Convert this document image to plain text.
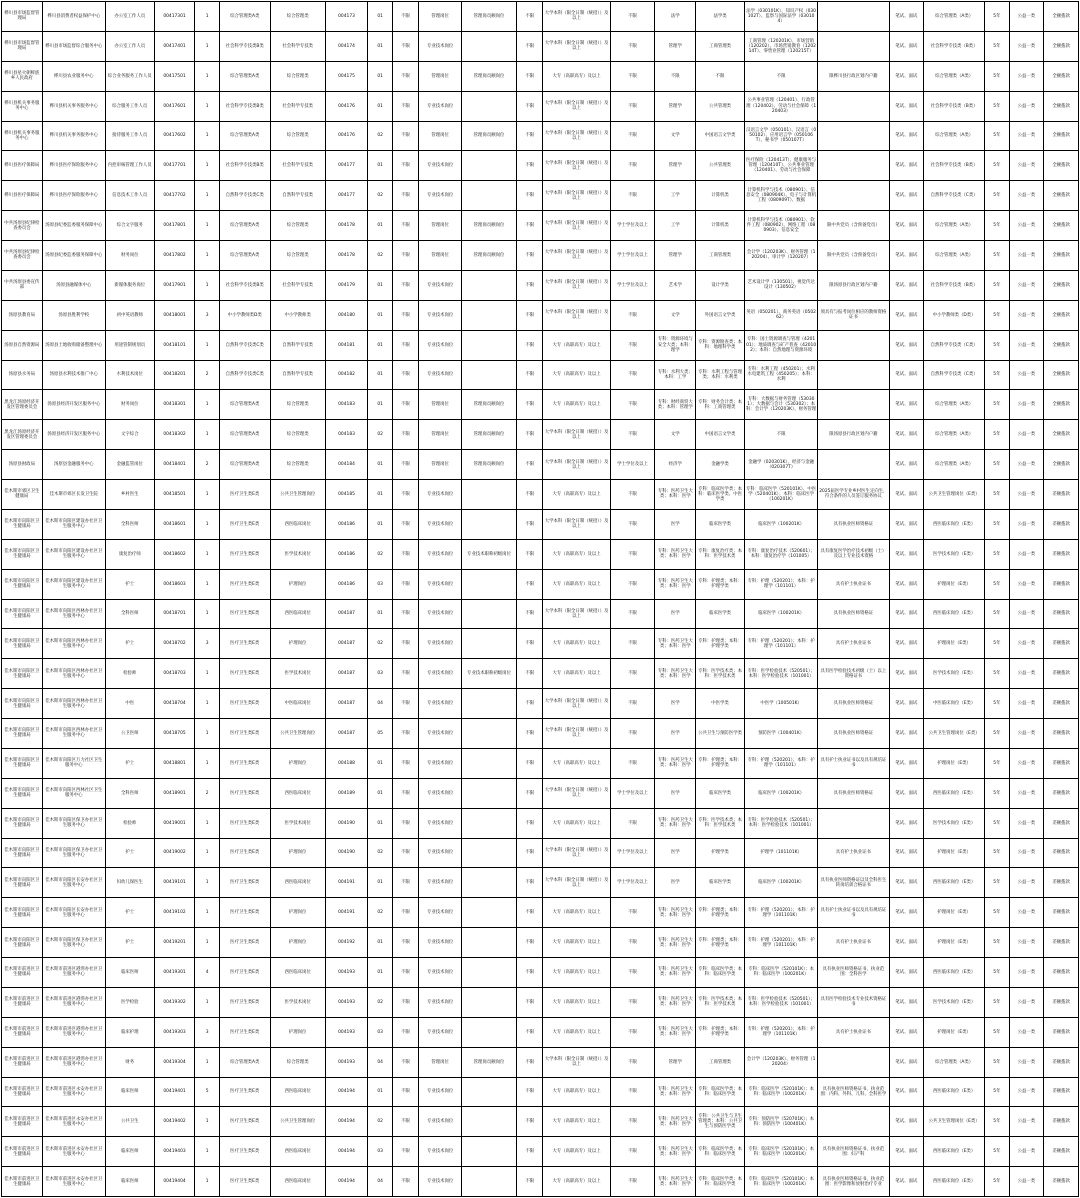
桦川县市场监督管理局	桦川县消费者权益保护中心	办公室工作人员	00417301	1	综合管理类A类	综合管理类	004173	01	不限	管理岗位	管理岗员额岗位	不限	大学本科（限全日制（统招））及以上	不限	法学	法学类	法学（030101K）、知识产权（030102T）、监察与国际法学（030104）		笔试、面试	综合管理类（A类）	5年	公益一类	全额拨款
桦川县市场监督管理局	桦川县市场监督综合服务中心	办公室工作人员	00417401	1	社会科学专技类B类	社会科学专技类	004174	01	不限	专业技术岗位		不限	大学本科（限全日制（统招））及以上	不限	管理学	工商管理类	工商管理（120201K）、市场营销（120202）、市场营销教育（120214T）、零售业管理（120215T）		笔试、面试	社会科学专技类（B类）	5年	公益一类	全额拨款
桦川县星火朝鲜族乡人民政府	桦川县农业服务中心	综合业务服务工作人员	00417501	1	综合管理类A类	综合管理类	004175	01	不限	管理岗位	管理岗员额岗位	不限	大专（高职高专）及以上	不限	不限	不限	不限	限桦川县行政区划内户籍	笔试、面试	综合管理类（A类）	5年	公益一类	全额拨款
桦川县机关事务服务中心	桦川县机关事务服务中心	综合服务工作人员	00417601	1	社会科学专技类B类	社会科学专技类	004176	01	不限	专业技术岗位		不限	大学本科（限全日制（统招））及以上	不限	管理学	公共管理类	公共事业管理（120401）、行政管理（120402）、劳动与社会保障（120403）		笔试、面试	社会科学专技类（B类）	5年	公益一类	全额拨款
桦川县机关事务服务中心	桦川县机关事务服务中心	接待服务工作人员	00417602	1	综合管理类A类	综合管理类	004176	02	不限	管理岗位	管理岗员额岗位	不限	大学本科（限全日制（统招））及以上	不限	文学	中国语言文学类	汉语言文学（050101）、汉语言（050102）、应用语言学（050106T）、秘书学（050107T）		笔试、面试	综合管理类（A类）	5年	公益一类	全额拨款
桦川县医疗保障局	桦川县医疗保险服务中心	内控审核管理工作人员	00417701	1	社会科学专技类B类	社会科学专技类	004177	01	不限	专业技术岗位		不限	大学本科（限全日制（统招））及以上	不限	管理学	公共管理类	医疗保险（120413T）、健康服务与管理（120410T）、公共事业管理（120401）、劳动与社会保障		笔试、面试	社会科学专技类（B类）	5年	公益一类	全额拨款
桦川县医疗保障局	桦川县医疗保险服务中心	信息技术工作人员	00417702	1	自然科学专技类C类	自然科学专技类	004177	02	不限	专业技术岗位		不限	大学本科（限全日制（统招））及以上	不限	工学	计算机类	计算机科学与技术（080901）、信息安全（080904K）、电子与计算机工程（080909T）、数据		笔试、面试	自然科学专技类（C类）	5年	公益一类	全额拨款
中共汤原县纪律检查委员会	汤原县纪委监委服务保障中心	综合文字服务	00417801	1	综合管理类A类	综合管理类	004178	01	不限	管理岗位	管理岗员额岗位	不限	大学本科（限全日制（统招））及以上	学士学位及以上	工学	计算机类	计算机科学与技术（080901）、软件工程（080902）、网络工程（080903）、信息安全	限中共党员（含预备党员）	笔试、面试	综合管理类（A类）	5年	公益一类	全额拨款
中共汤原县纪律检查委员会	汤原县纪委监委服务保障中心	财务岗位	00417802	1	综合管理类A类	综合管理类	004178	02	不限	管理岗位	管理岗员额岗位	不限	大学本科（限全日制（统招））及以上	学士学位及以上	管理学	工商管理类	会计学（120203K）、财务管理（120204）、审计学（120207）	限中共党员（含预备党员）	笔试、面试	综合管理类（A类）	5年	公益一类	全额拨款
中共汤原县委宣传部	汤原县融媒体中心	新媒体服务岗位	00417901	1	社会科学专技类B类	社会科学专技类	004179	01	不限	专业技术岗位		不限	大学本科（限全日制（统招））及以上	学士学位及以上	艺术学	设计学类	艺术设计学（130501）、视觉传达设计（130502）	限汤原县行政区划内户籍	笔试、面试	社会科学专技类（B类）	5年	公益一类	全额拨款
汤原县教育局	汤原县胜利学校	初中英语教师	00418001	3	中小学教师类D类	中小学教师类	004180	01	不限	专业技术岗位		不限	大学本科（限全日制（统招））及以上	不限	文学	外国语言文学类	英语（050201）、商务英语（050262）	须具有与报考岗位相应的教师资格证书	笔试、面试	中小学教师类（D类）	5年	公益一类	全额拨款
汤原县自然资源局	汤原县土地收购储备整理中心	用途管制规划员	00418101	1	自然科学专技类C类	自然科学专技类	004181	01	不限	专业技术岗位		不限	大专（高职高专）及以上	不限	专科：资源环境与安全大类；本科：理学	专科：资源勘查类；本科：地理科学类	专科：国土资源调查与管理（420101）；地质调查与矿产普查（420102）；本科：自然地理与资源环境		笔试、面试	自然科学专技类（C类）	5年	公益一类	全额拨款
汤原县水务局	汤原县水利技术推广中心	水利技术岗位	00418201	2	自然科学专技类C类	自然科学专技类	004182	01	不限	专业技术岗位		不限	大专（高职高专）及以上	不限	专科：水利大类；本科：工学	专科：水利工程与管理类；本科：水利类	专科：水利工程（450201）；水利水电建筑工程（450205）；本科：水利		笔试、面试	自然科学专技类（C类）	5年	公益一类	全额拨款
黑龙江汤原经济开发区管理委员会	汤原县经济开发区服务中心	财务岗位	00418301	1	综合管理类A类	综合管理类	004183	01	不限	管理岗位	管理岗员额岗位	不限	大专（高职高专）及以上	不限	专科：财经商贸大类；本科：管理学	专科：财务会计类；本科：工商管理类	专科：大数据与财务管理（530301）；大数据与会计（530302）；本科：会计学（120203K）、财务管理		笔试、面试	综合管理类（A类）	5年	公益一类	全额拨款
黑龙江汤原经济开发区管理委员会	汤原县经济开发区服务中心	文字综合	00418302	1	综合管理类A类	综合管理类	004183	02	不限	管理岗位	管理岗员额岗位	不限	大学本科（限全日制（统招））及以上	不限	文学	中国语言文学类	不限	限汤原县行政区划内户籍	笔试、面试	综合管理类（A类）	5年	公益一类	全额拨款
汤原县财政局	汤原县金融服务中心	金融监管岗位	00418401	2	综合管理类A类	综合管理类	004184	01	不限	管理岗位	管理岗员额岗位	不限	大学本科（限全日制（统招））及以上	学士学位及以上	经济学	金融学类	金融学（020301K）、经济与金融（020307T）		笔试、面试	综合管理类（A类）	5年	公益一类	全额拨款
佳木斯市郊区卫生健康局	佳木斯市郊区长发卫生院	乡村医生	00418501	1	医疗卫生类E类	公共卫生管理岗位	004185	01	不限	专业技术岗位		不限	大专（高职高专）及以上	不限	专科：医药卫生大类；本科：医学	专科：临床医学类；本科：临床医学类、中医学类	专科：临床医学（520101K）、中医学（520401K）；本科：临床医学（100201K）	2025届医学专业乡村医生定向生，符合条件的人员签订服务协议	笔试、面试	公共卫生管理岗位（E类）	5年	公益一类	差额拨款
佳木斯市向阳区卫生健康局	佳木斯市向阳区建设办社区卫生服务中心	全科医师	00418601	1	医疗卫生类E类	西医临床岗位	004186	01	不限	专业技术岗位		不限	大学本科（限全日制（统招））及以上	不限	医学	临床医学类	临床医学（100201K）	具有执业医师资格证	笔试、面试	西医临床岗位（E类）	5年	公益一类	差额拨款
佳木斯市向阳区卫生健康局	佳木斯市向阳区建设办社区卫生服务中心	康复治疗师	00418602	1	医疗卫生类E类	医学技术岗位	004186	02	不限	专业技术岗位	专业技术职称初级岗位	不限	大专（高职高专）及以上	不限	专科：医药卫生大类；本科：医学	专科：康复治疗类；本科：医学技术类	专科：康复治疗技术（520601）；本科：康复治疗学（101005）	具有康复医学治疗技术初级（士）及以上专业技术资格	笔试、面试	医学技术岗位（E类）	5年	公益一类	差额拨款
佳木斯市向阳区卫生健康局	佳木斯市向阳区建设办社区卫生服务中心	护士	00418603	1	医疗卫生类E类	护理岗位	004186	03	不限	专业技术岗位		不限	大专（高职高专）及以上	不限	专科：医药卫生大类；本科：医学	专科：护理类；本科：护理学类	专科：护理（520201）；本科：护理学（101101）	具有护士执业证书	笔试、面试	护理岗位（E类）	5年	公益一类	差额拨款
佳木斯市向阳区卫生健康局	佳木斯市向阳区西林办社区卫生服务中心	全科医师	00418701	1	医疗卫生类E类	西医临床岗位	004187	01	不限	专业技术岗位		不限	大学本科（限全日制（统招））及以上	不限	医学	临床医学类	临床医学（100201K）	具有执业医师资格证	笔试、面试	西医临床岗位（E类）	5年	公益一类	差额拨款
佳木斯市向阳区卫生健康局	佳木斯市向阳区西林办社区卫生服务中心	护士	00418702	3	医疗卫生类E类	护理岗位	004187	02	不限	专业技术岗位		不限	大专（高职高专）及以上	不限	专科：医药卫生大类；本科：医学	专科：护理类；本科：护理学类	专科：护理（520201）；本科：护理学（101101）	具有护士执业证书	笔试、面试	护理岗位（E类）	5年	公益一类	差额拨款
佳木斯市向阳区卫生健康局	佳木斯市向阳区西林办社区卫生服务中心	检验师	00418703	1	医疗卫生类E类	医学技术岗位	004187	03	不限	专业技术岗位	专业技术职称初级岗位	不限	大专（高职高专）及以上	不限	专科：医药卫生大类；本科：医学	专科：医学技术类；本科：医学技术类	专科：医学检验技术（520501）；本科：医学检验技术（101001）	具有医学检验技术初级（士）以上资格证书	笔试、面试	医学技术岗位（E类）	5年	公益一类	差额拨款
佳木斯市向阳区卫生健康局	佳木斯市向阳区西林办社区卫生服务中心	中医	00418704	1	医疗卫生类E类	中医临床岗位	004187	04	不限	专业技术岗位		不限	大学本科（限全日制（统招））及以上	不限	医学	中医学类	中医学（100501K）	具有执业医师资格证	笔试、面试	中医临床岗位（E类）	5年	公益一类	差额拨款
佳木斯市向阳区卫生健康局	佳木斯市向阳区西林办社区卫生服务中心	公卫医师	00418705	1	医疗卫生类E类	公共卫生管理岗位	004187	05	不限	专业技术岗位		不限	大学本科（限全日制（统招））及以上	不限	医学	公共卫生与预防医学类	预防医学（100401K）	具有执业医师资格证	笔试、面试	公共卫生管理岗位（E类）	5年	公益一类	差额拨款
佳木斯市向阳区卫生健康局	佳木斯市向阳区万力社区卫生服务中心	护士	00418801	1	医疗卫生类E类	护理岗位	004188	01	不限	专业技术岗位		不限	大专（高职高专）及以上	不限	专科：医药卫生大类；本科：医学	专科：护理类；本科：护理学类	专科：护理（520201）；本科：护理学（101101）	具有护士执业证书以及具有规培证书	笔试、面试	护理岗位（E类）	5年	公益一类	差额拨款
佳木斯市向阳区卫生健康局	佳木斯市向阳区西林社区卫生服务中心	全科医师	00418901	2	医疗卫生类E类	西医临床岗位	004189	01	不限	专业技术岗位		不限	大学本科（限全日制（统招））及以上	学士学位及以上	医学	临床医学类	临床医学（100201K）	具有执业医师资格证	笔试、面试	西医临床岗位（E类）	5年	公益一类	差额拨款
佳木斯市向阳区卫生健康局	佳木斯市向阳区保卫办社区卫生服务中心	检验师	00419001	1	医疗卫生类E类	医学技术岗位	004190	01	不限	专业技术岗位		不限	大专（高职高专）及以上	不限	专科：医药卫生大类；本科：医学	专科：医学技术类；本科：医学技术类	专科：医学检验技术（520501）；本科：医学检验技术（101001）		笔试、面试	医学技术岗位（E类）	5年	公益一类	差额拨款
佳木斯市向阳区卫生健康局	佳木斯市向阳区保卫办社区卫生服务中心	护士	00419002	1	医疗卫生类E类	护理岗位	004190	02	不限	专业技术岗位		不限	大学本科（限全日制（统招））及以上	学士学位及以上	医学	护理学类	护理学（101101K）	具有护士执业证书	笔试、面试	护理岗位（E类）	5年	公益一类	差额拨款
佳木斯市向阳区卫生健康局	佳木斯市向阳区长安办社区卫生服务中心	妇幼儿保医生	00419101	1	医疗卫生类E类	西医临床岗位	004191	01	不限	专业技术岗位		不限	大学本科（限全日制（统招））及以上	学士学位及以上	医学	临床医学类	临床医学（100201K）	具有执业医师资格证以及全科医生转岗培训合格证书	笔试、面试	西医临床岗位（E类）	5年	公益一类	差额拨款
佳木斯市向阳区卫生健康局	佳木斯市向阳区长安办社区卫生服务中心	护士	00419102	1	医疗卫生类E类	护理岗位	004191	02	不限	专业技术岗位		不限	大专（高职高专）及以上	不限	专科：医药卫生大类；本科：医学	专科：护理类；本科：护理学类	专科：护理（520201）；本科：护理学（101101K）	具有护士执业证书以及具有规培证书	笔试、面试	护理岗位（E类）	5年	公益一类	差额拨款
佳木斯市向阳区卫生健康局	佳木斯市向阳区保卫办社区卫生服务中心	护士	00419201	1	医疗卫生类E类	护理岗位	004192	01	不限	专业技术岗位		不限	大专（高职高专）及以上	不限	专科：医药卫生大类；本科：医学	专科：护理类；本科：护理学类	专科：护理（520201）；本科：护理学（101101K）	具有护士执业证书	笔试、面试	护理岗位（E类）	5年	公益一类	差额拨款
佳木斯市前进区卫生健康局	佳木斯市前进区港湾办社区卫生服务中心	临床医师	00419301	4	医疗卫生类E类	西医临床岗位	004193	01	不限	专业技术岗位		不限	大专（高职高专）及以上	不限	专科：医药卫生大类；本科：医学	专科：临床医学类；本科：临床医学类	专科：临床医学（520101K）；本科：临床医学（100201K）	具有执业医师资格证书，执业范围：全科医学	笔试、面试	西医临床岗位（E类）	5年	公益一类	差额拨款
佳木斯市前进区卫生健康局	佳木斯市前进区港湾办社区卫生服务中心	医学检验	00419302	1	医疗卫生类E类	医学技术岗位	004193	02	不限	专业技术岗位		不限	大专（高职高专）及以上	不限	专科：医药卫生大类；本科：医学	专科：医学技术类；本科：医学技术类	专科：医学检验技术（520501）；本科：医学检验技术（101001）	具有医学检验技术专业技术资格证书	笔试、面试	医学技术岗位（E类）	5年	公益一类	差额拨款
佳木斯市前进区卫生健康局	佳木斯市前进区港湾办社区卫生服务中心	临床护理	00419303	3	医疗卫生类E类	护理岗位	004193	03	不限	专业技术岗位		不限	大专（高职高专）及以上	不限	专科：医药卫生大类；本科：医学	专科：护理类；本科：护理学类	专科：护理（520201）；本科：护理学（101101K）	具有护士执业证书	笔试、面试	护理岗位（E类）	5年	公益一类	差额拨款
佳木斯市前进区卫生健康局	佳木斯市前进区港湾办社区卫生服务中心	财务	00419304	1	综合管理类A类	综合管理类	004193	04	不限	管理岗位	管理岗员额岗位	不限	大学本科（限全日制（统招））及以上	不限	管理学	工商管理类	会计学（120203K）、财务管理（120204）		笔试、面试	综合管理类（A类）	5年	公益一类	差额拨款
佳木斯市前进区卫生健康局	佳木斯市前进区永安办社区卫生服务中心	临床医师	00419401	5	医疗卫生类E类	西医临床岗位	004194	01	不限	专业技术岗位		不限	大专（高职高专）及以上	不限	专科：医药卫生大类；本科：医学	专科：临床医学类；本科：临床医学类	专科：临床医学（520101K）；本科：临床医学（100201K）	具有执业医师资格证书，执业范围：内科、外科、儿科、全科医学	笔试、面试	西医临床岗位（E类）	5年	公益一类	差额拨款
佳木斯市前进区卫生健康局	佳木斯市前进区永安办社区卫生服务中心	公共卫生	00419402	1	医疗卫生类E类	公共卫生管理岗位	004194	02	不限	专业技术岗位		不限	大专（高职高专）及以上	不限	专科：医药卫生大类；本科：医学	专科：公共卫生与卫生管理类；本科：公共卫生与预防医学类	专科：预防医学（520701K）；本科：预防医学（100401K）		笔试、面试	公共卫生管理岗位（E类）	5年	公益一类	差额拨款
佳木斯市前进区卫生健康局	佳木斯市前进区永安办社区卫生服务中心	临床医师	00419403	1	医疗卫生类E类	西医临床岗位	004194	03	不限	专业技术岗位		不限	大专（高职高专）及以上	不限	专科：医药卫生大类；本科：医学	专科：临床医学类；本科：临床医学类	专科：临床医学（520101K）；本科：临床医学（100201K）	具有执业医师资格证书，执业范围：妇产科	笔试、面试	西医临床岗位（E类）	5年	公益一类	差额拨款
佳木斯市前进区卫生健康局	佳木斯市前进区永安办社区卫生服务中心	临床医师	00419404	1	医疗卫生类E类	西医临床岗位	004194	04	不限	专业技术岗位		不限	大专（高职高专）及以上	不限	专科：医药卫生大类；本科：医学	专科：临床医学类；本科：临床医学类	专科：临床医学（520101K）；本科：临床医学（100201K）	具有执业医师资格证书，执业范围：医学影像和放射治疗专业	笔试、面试	西医临床岗位（E类）	5年	公益一类	差额拨款
